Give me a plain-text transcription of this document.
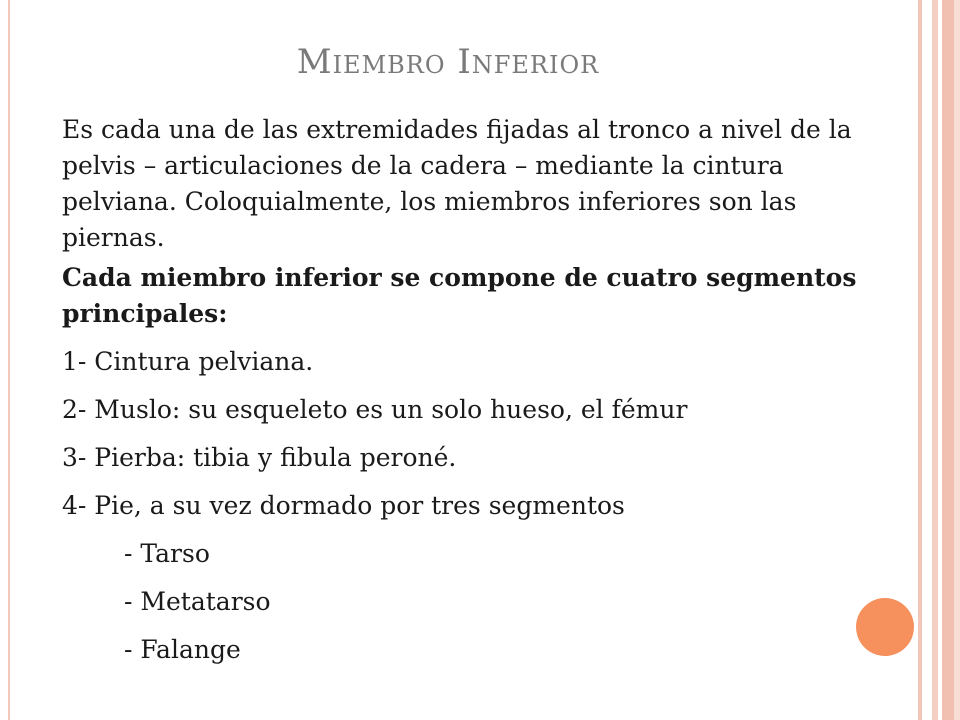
Miembro Inferior

Es cada una de las extremidades fijadas al tronco a nivel de la pelvis – articulaciones de la cadera – mediante la cintura pelviana. Coloquialmente, los miembros inferiores son las piernas.

Cada miembro inferior se compone de cuatro segmentos principales:

1- Cintura pelviana.
2- Muslo: su esqueleto es un solo hueso, el fémur
3- Pierba: tibia y fibula peroné.
4- Pie, a su vez dormado por tres segmentos
- Tarso
- Metatarso
- Falange
